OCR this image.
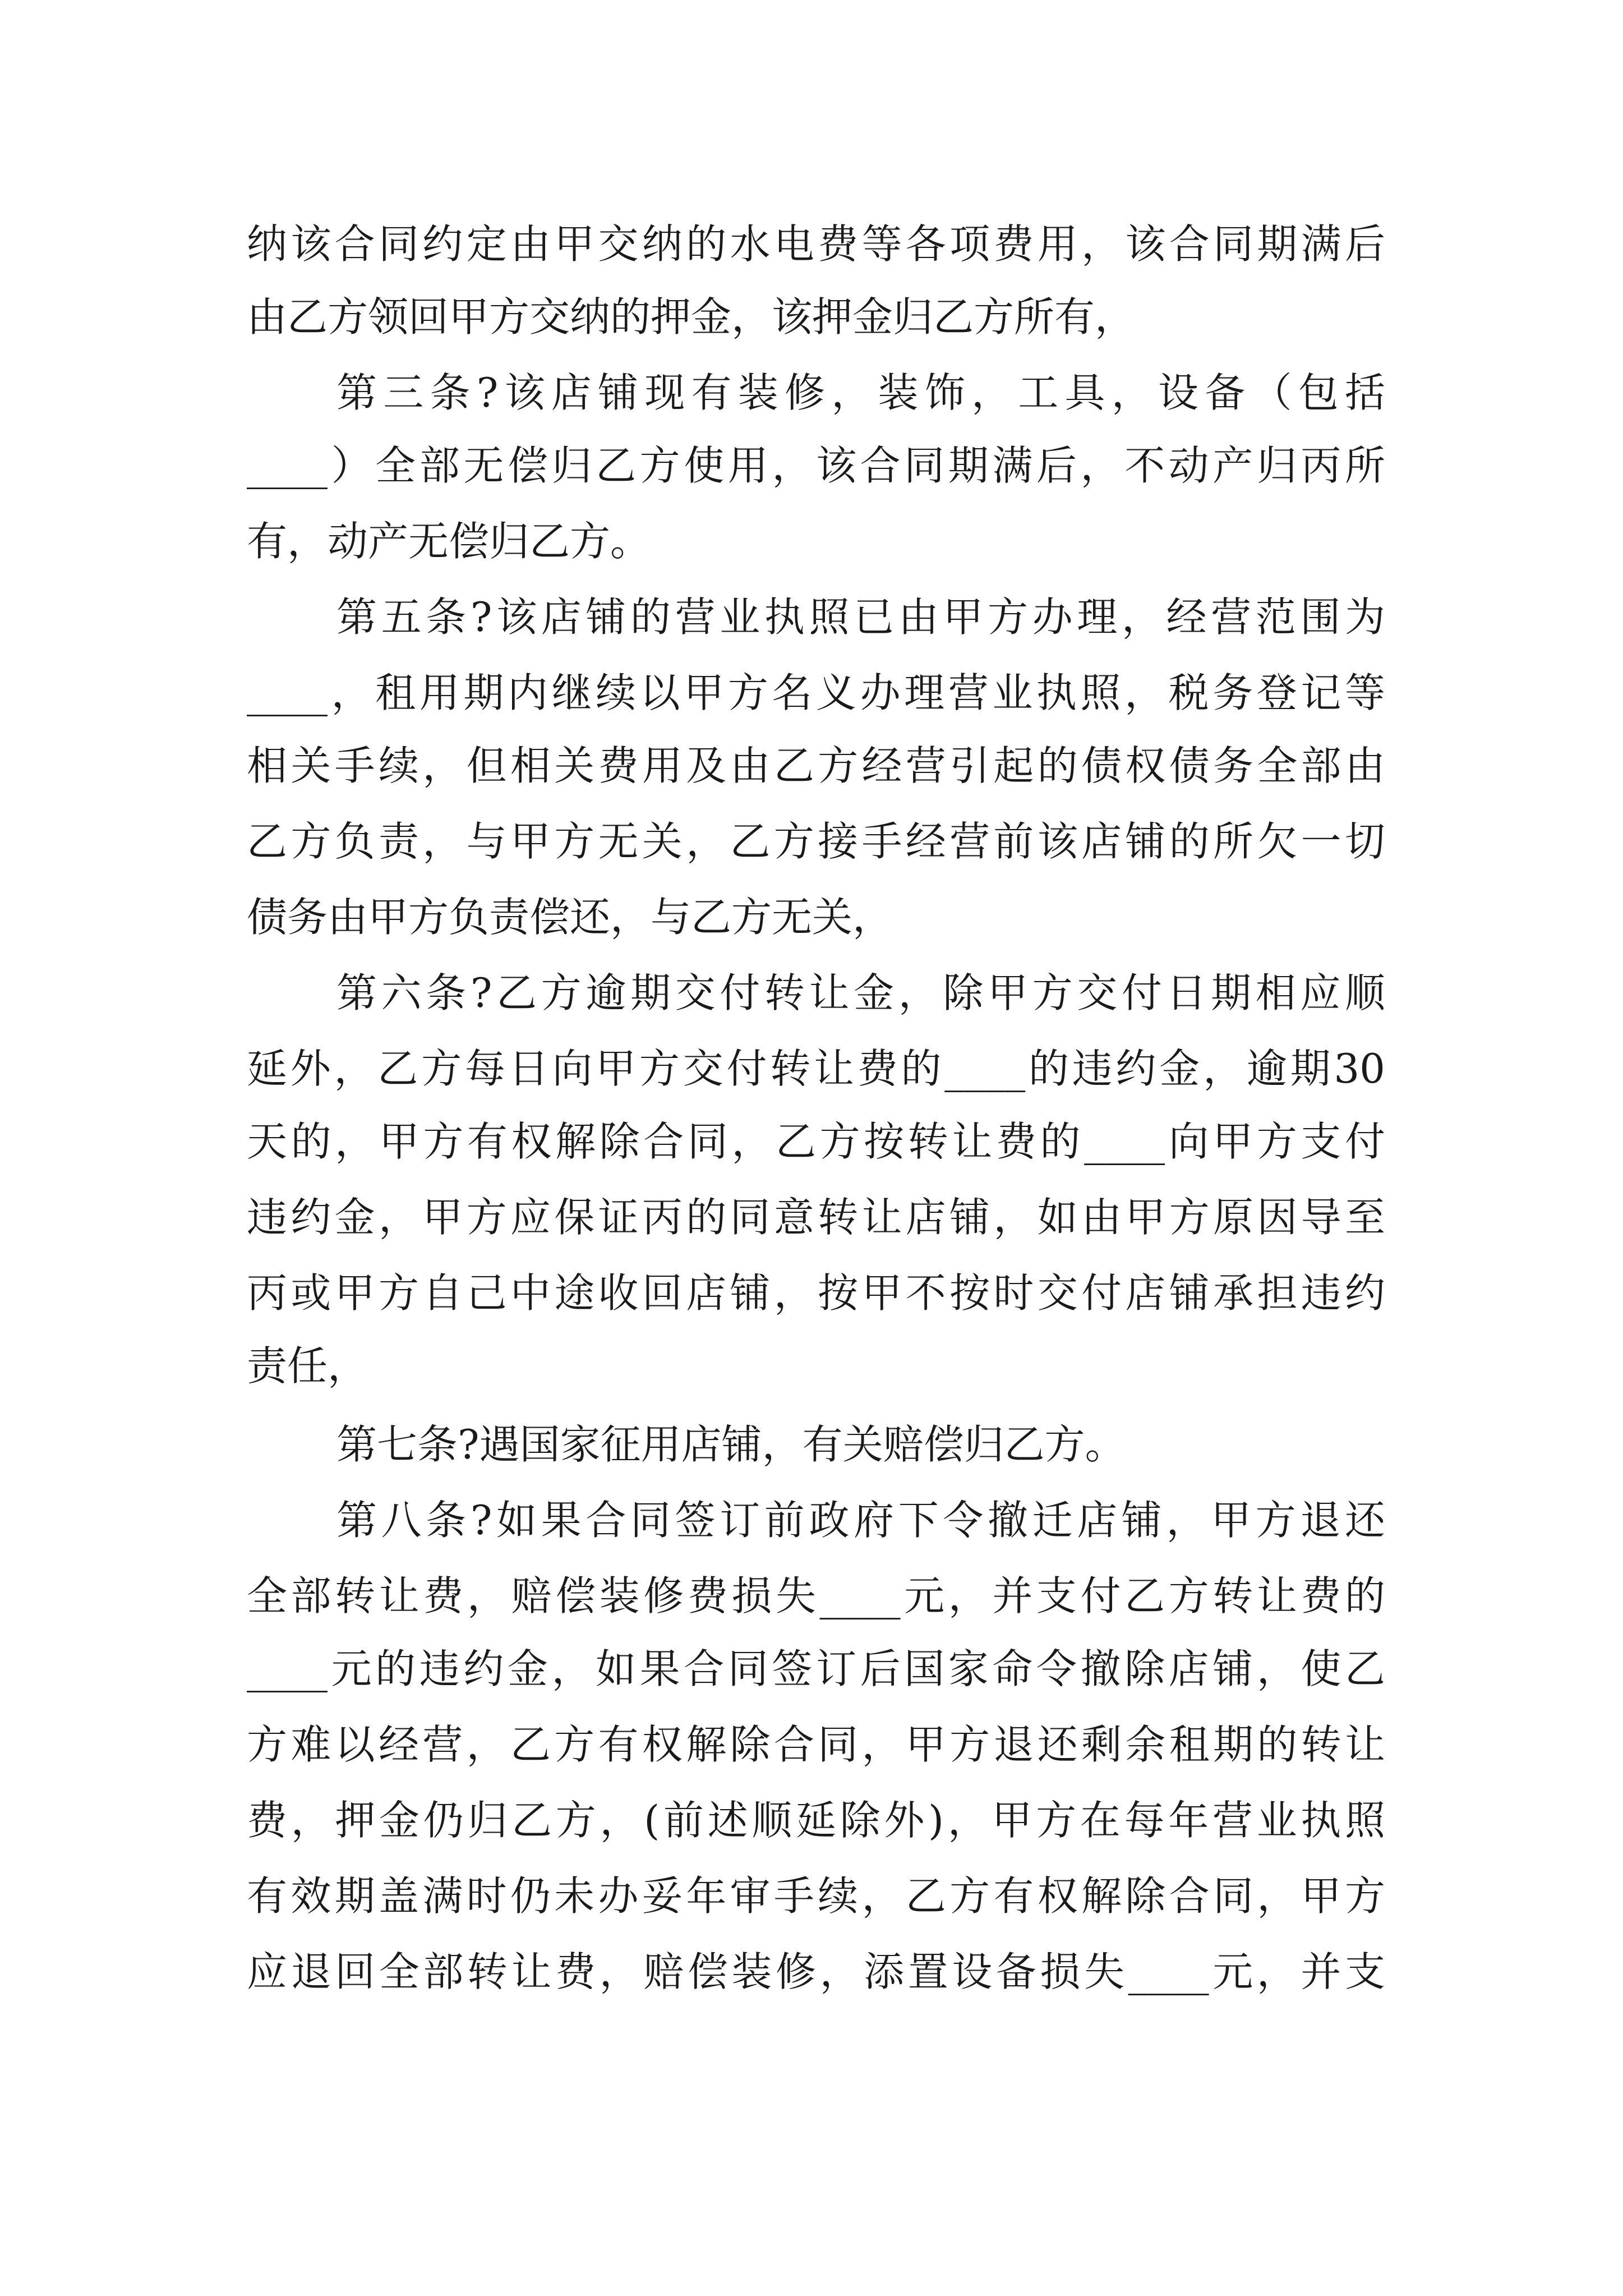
纳该合同约定由甲交纳的水电费等各项费用，该合同期满后

由乙方领回甲方交纳的押金，该押金归乙方所有，

第三条?该店铺现有装修，装饰，工具，设备（包括

____）全部无偿归乙方使用，该合同期满后，不动产归丙所

有，动产无偿归乙方。

第五条?该店铺的营业执照已由甲方办理，经营范围为

____，租用期内继续以甲方名义办理营业执照，税务登记等

相关手续，但相关费用及由乙方经营引起的债权债务全部由

乙方负责，与甲方无关，乙方接手经营前该店铺的所欠一切

债务由甲方负责偿还，与乙方无关，

第六条?乙方逾期交付转让金，除甲方交付日期相应顺

延外，乙方每日向甲方交付转让费的____的违约金，逾期30

天的，甲方有权解除合同，乙方按转让费的____向甲方支付

违约金，甲方应保证丙的同意转让店铺，如由甲方原因导至

丙或甲方自己中途收回店铺，按甲不按时交付店铺承担违约

责任，

第七条?遇国家征用店铺，有关赔偿归乙方。

第八条?如果合同签订前政府下令撤迁店铺，甲方退还

全部转让费，赔偿装修费损失____元，并支付乙方转让费的

____元的违约金，如果合同签订后国家命令撤除店铺，使乙

方难以经营，乙方有权解除合同，甲方退还剩余租期的转让

费，押金仍归乙方，(前述顺延除外)，甲方在每年营业执照

有效期盖满时仍未办妥年审手续，乙方有权解除合同，甲方

应退回全部转让费，赔偿装修，添置设备损失____元，并支
